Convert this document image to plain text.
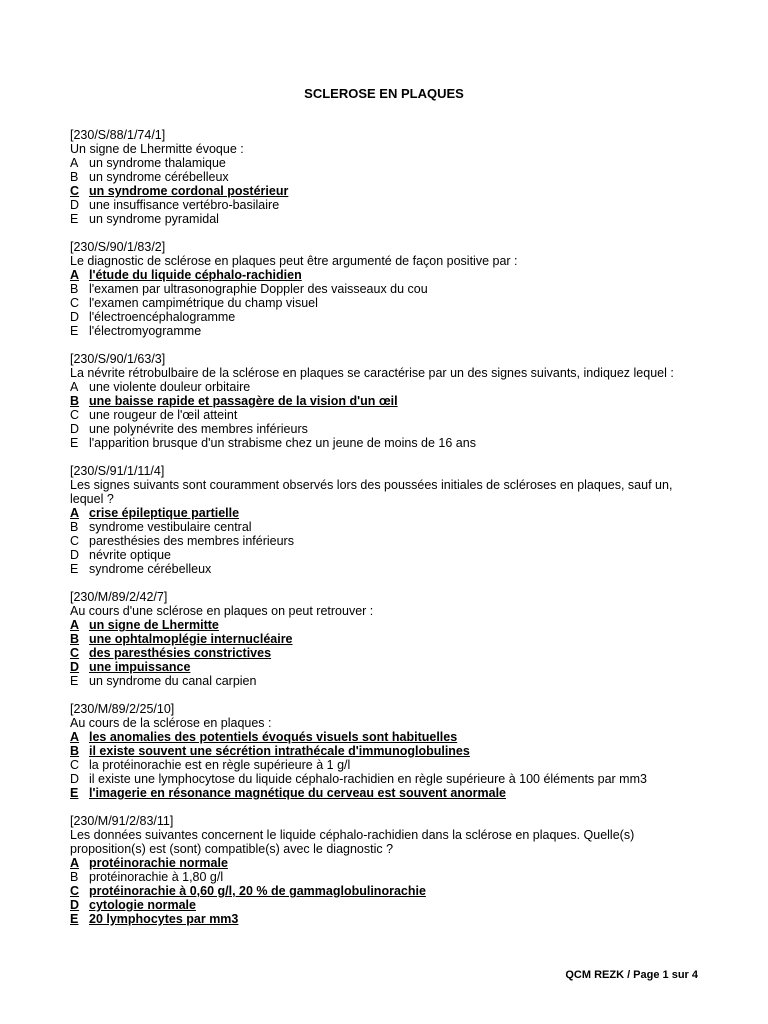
SCLEROSE EN PLAQUES
[230/S/88/1/74/1]
Un signe de Lhermitte évoque :
A un syndrome thalamique
B un syndrome cérébelleux
C un syndrome cordonal postérieur
D une insuffisance vertébro-basilaire
E un syndrome pyramidal
[230/S/90/1/83/2]
Le diagnostic de sclérose en plaques peut être argumenté de façon positive par :
A l'étude du liquide céphalo-rachidien
B l'examen par ultrasonographie Doppler des vaisseaux du cou
C l'examen campimétrique du champ visuel
D l'électroencéphalogramme
E l'électromyogramme
[230/S/90/1/63/3]
La névrite rétrobulbaire de la sclérose en plaques se caractérise par un des signes suivants, indiquez lequel :
A une violente douleur orbitaire
B une baisse rapide et passagère de la vision d'un œil
C une rougeur de l'œil atteint
D une polynévrite des membres inférieurs
E l'apparition brusque d'un strabisme chez un jeune de moins de 16 ans
[230/S/91/1/11/4]
Les signes suivants sont couramment observés lors des poussées initiales de scléroses en plaques, sauf un,
lequel ?
A crise épileptique partielle
B syndrome vestibulaire central
C paresthésies des membres inférieurs
D névrite optique
E syndrome cérébelleux
[230/M/89/2/42/7]
Au cours d'une sclérose en plaques on peut retrouver :
A un signe de Lhermitte
B une ophtalmoplégie internucléaire
C des paresthésies constrictives
D une impuissance
E un syndrome du canal carpien
[230/M/89/2/25/10]
Au cours de la sclérose en plaques :
A les anomalies des potentiels évoqués visuels sont habituelles
B il existe souvent une sécrétion intrathécale d'immunoglobulines
C la protéinorachie est en règle supérieure à 1 g/l
D il existe une lymphocytose du liquide céphalo-rachidien en règle supérieure à 100 éléments par mm3
E l'imagerie en résonance magnétique du cerveau est souvent anormale
[230/M/91/2/83/11]
Les données suivantes concernent le liquide céphalo-rachidien dans la sclérose en plaques. Quelle(s)
proposition(s) est (sont) compatible(s) avec le diagnostic ?
A protéinorachie normale
B protéinorachie à 1,80 g/l
C protéinorachie à 0,60 g/l, 20 % de gammaglobulinorachie
D cytologie normale
E 20 lymphocytes par mm3
QCM REZK / Page 1 sur 4
